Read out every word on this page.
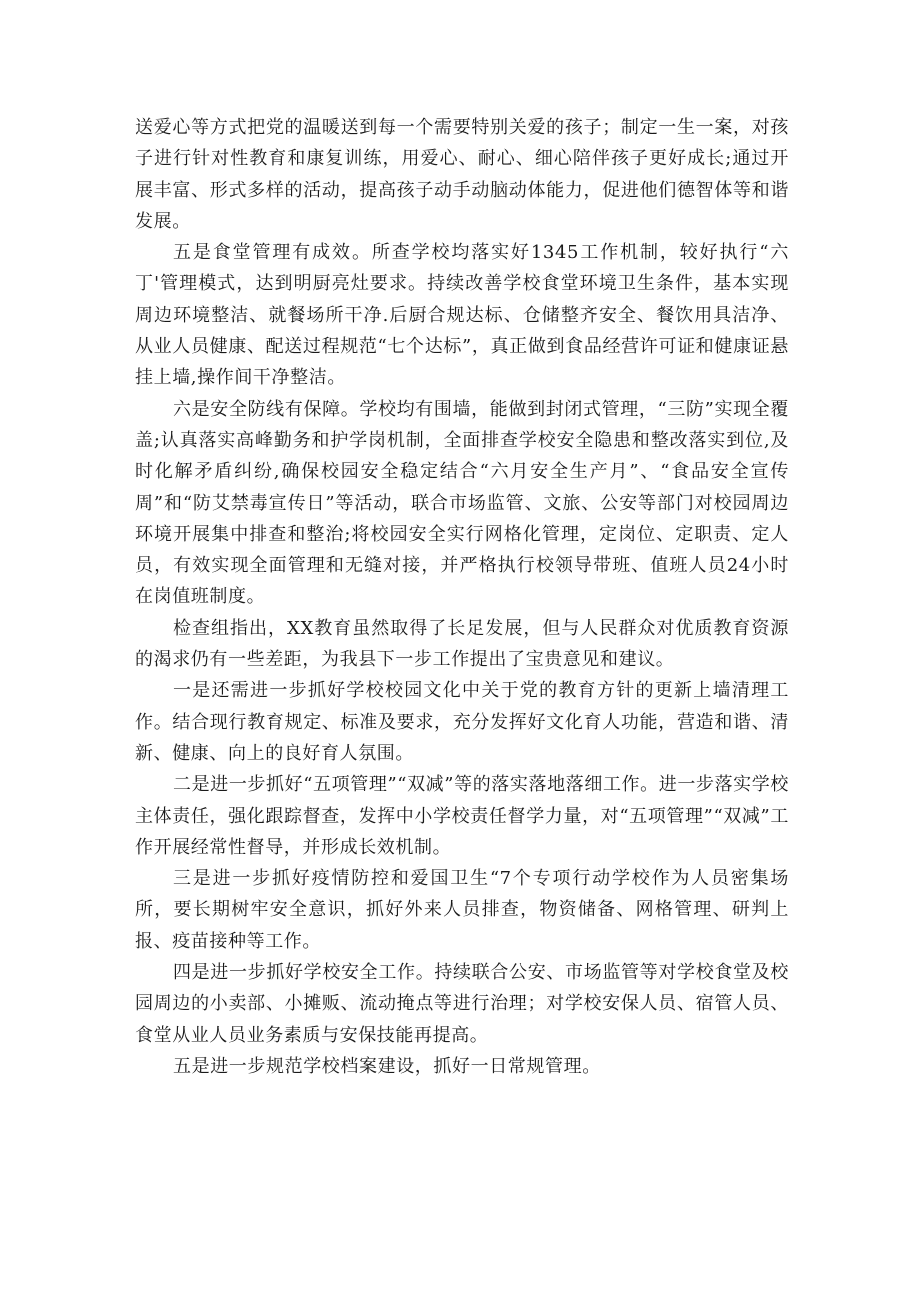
送爱心等方式把党的温暖送到每一个需要特别关爱的孩子；制定一生一案，对孩子进行针对性教育和康复训练，用爱心、耐心、细心陪伴孩子更好成长;通过开展丰富、形式多样的活动，提高孩子动手动脑动体能力，促进他们德智体等和谐发展。

五是食堂管理有成效。所查学校均落实好1345工作机制，较好执行“六丁'管理模式，达到明厨亮灶要求。持续改善学校食堂环境卫生条件，基本实现周边环境整洁、就餐场所干净.后厨合规达标、仓储整齐安全、餐饮用具洁净、从业人员健康、配送过程规范“七个达标”，真正做到食品经营许可证和健康证悬挂上墙,操作间干净整洁。

六是安全防线有保障。学校均有围墙，能做到封闭式管理，“三防”实现全覆盖;认真落实高峰勤务和护学岗机制，全面排查学校安全隐患和整改落实到位,及时化解矛盾纠纷,确保校园安全稳定结合“六月安全生产月”、“食品安全宣传周”和“防艾禁毒宣传日”等活动，联合市场监管、文旅、公安等部门对校园周边环境开展集中排查和整治;将校园安全实行网格化管理，定岗位、定职责、定人员，有效实现全面管理和无缝对接，并严格执行校领导带班、值班人员24小时在岗值班制度。

检查组指出，XX教育虽然取得了长足发展，但与人民群众对优质教育资源的渴求仍有一些差距，为我县下一步工作提出了宝贵意见和建议。

一是还需进一步抓好学校校园文化中关于党的教育方针的更新上墙清理工作。结合现行教育规定、标准及要求，充分发挥好文化育人功能，营造和谐、清新、健康、向上的良好育人氛围。

二是进一步抓好“五项管理”“双减”等的落实落地落细工作。进一步落实学校主体责任，强化跟踪督查，发挥中小学校责任督学力量，对“五项管理”“双减”工作开展经常性督导，并形成长效机制。

三是进一步抓好疫情防控和爱国卫生“7个专项行动学校作为人员密集场所，要长期树牢安全意识，抓好外来人员排查，物资储备、网格管理、研判上报、疫苗接种等工作。

四是进一步抓好学校安全工作。持续联合公安、市场监管等对学校食堂及校园周边的小卖部、小摊贩、流动掩点等进行治理；对学校安保人员、宿管人员、食堂从业人员业务素质与安保技能再提高。

五是进一步规范学校档案建设，抓好一日常规管理。
